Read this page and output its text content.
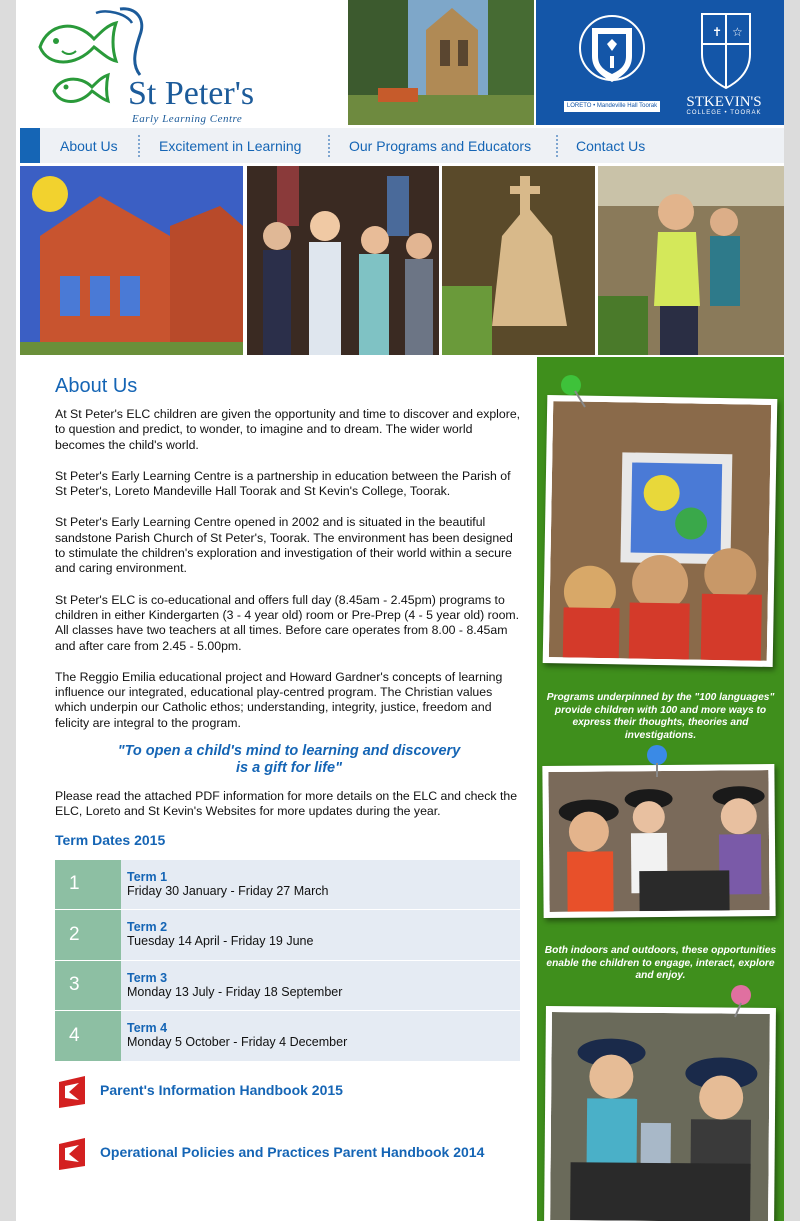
St Peter's
Early Learning Centre
✝ ☆
LORETO • Mandeville Hall Toorak	STKEVIN'S
COLLEGE • TOORAK
About Us	Excitement in Learning	Our Programs and Educators	Contact Us
About Us

At St Peter's ELC children are given the opportunity and time to discover and explore, to question and predict, to wonder, to imagine and to dream. The wider world becomes the child's world.

St Peter's Early Learning Centre is a partnership in education between the Parish of St Peter's, Loreto Mandeville Hall Toorak and St Kevin's College, Toorak.

St Peter's Early Learning Centre opened in 2002 and is situated in the beautiful sandstone Parish Church of St Peter's, Toorak. The environment has been designed to stimulate the children's exploration and investigation of their world within a secure and caring environment.

St Peter's ELC is co-educational and offers full day (8.45am - 2.45pm) programs to children in either Kindergarten (3 - 4 year old) room or Pre-Prep (4 - 5 year old) room. All classes have two teachers at all times. Before care operates from 8.00 - 8.45am and after care from 2.45 - 5.00pm.

The Reggio Emilia educational project and Howard Gardner's concepts of learning influence our integrated, educational play-centred program. The Christian values which underpin our Catholic ethos; understanding, integrity, justice, freedom and felicity are integral to the program.

"To open a child's mind to learning and discovery
is a gift for life"

Please read the attached PDF information for more details on the ELC and check the ELC, Loreto and St Kevin's Websites for more updates during the year.

Term Dates 2015
1	Term 1
Friday 30 January - Friday 27 March

2	Term 2
Tuesday 14 April - Friday 19 June

3	Term 3
Monday 13 July - Friday 18 September

4	Term 4
Monday 5 October - Friday 4 December
Parent's Information Handbook 2015
Operational Policies and Practices Parent Handbook 2014
Programs underpinned by the "100 languages" provide children with 100 and more ways to express their thoughts, theories and investigations.
Both indoors and outdoors, these opportunities enable the children to engage, interact, explore and enjoy.
